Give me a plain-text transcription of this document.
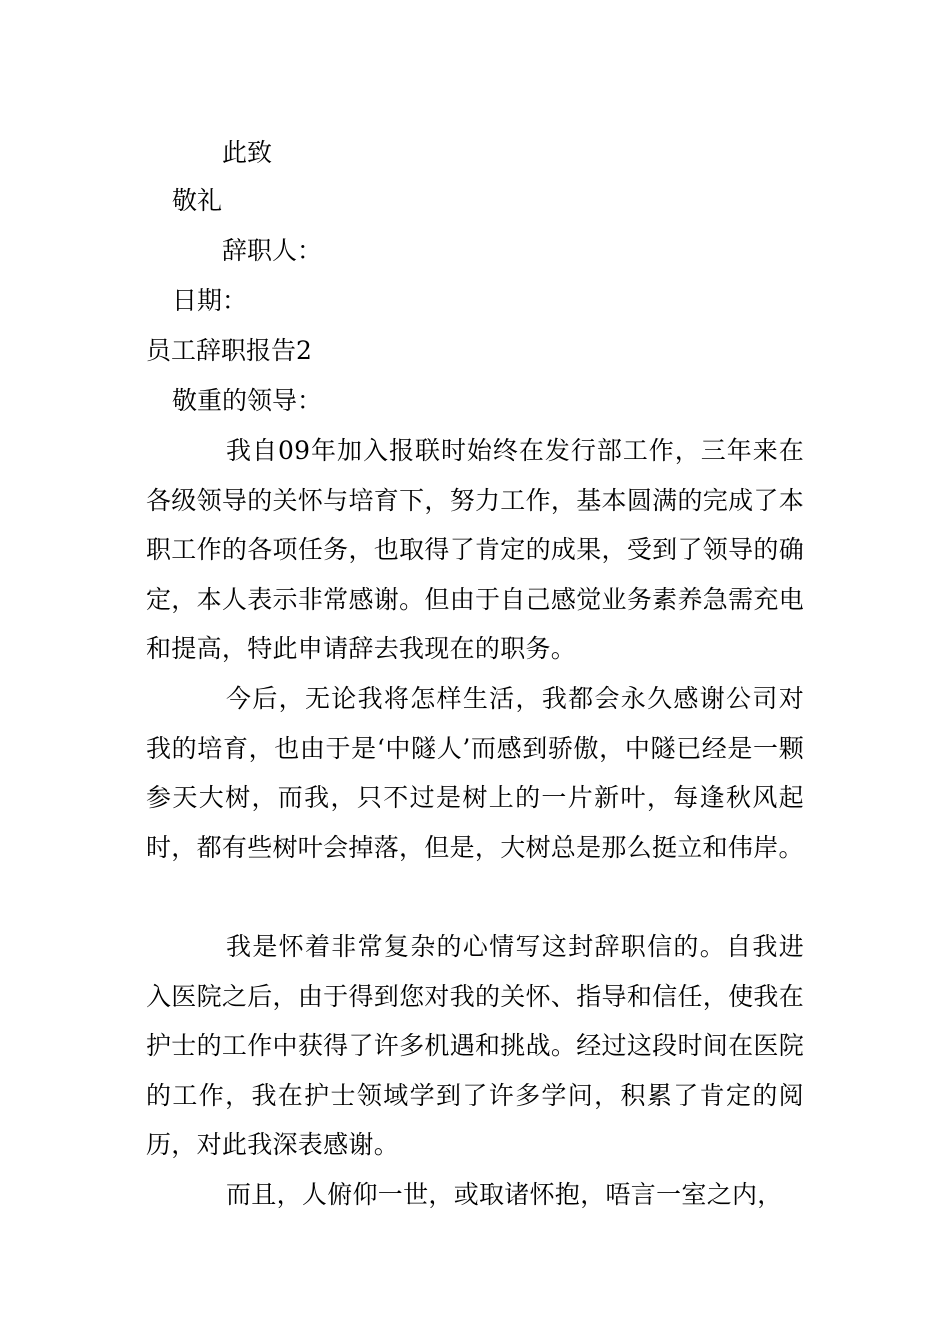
此致
敬礼
辞职人：
日期：
员工辞职报告2
敬重的领导：

我自09年加入报联时始终在发行部工作，三年来在各级领导的关怀与培育下，努力工作，基本圆满的完成了本职工作的各项任务，也取得了肯定的成果，受到了领导的确定，本人表示非常感谢。但由于自己感觉业务素养急需充电和提高，特此申请辞去我现在的职务。

今后，无论我将怎样生活，我都会永久感谢公司对我的培育，也由于是‘中隧人’而感到骄傲，中隧已经是一颗参天大树，而我，只不过是树上的一片新叶，每逢秋风起时，都有些树叶会掉落，但是，大树总是那么挺立和伟岸。

我是怀着非常复杂的心情写这封辞职信的。自我进入医院之后，由于得到您对我的关怀、指导和信任，使我在护士的工作中获得了许多机遇和挑战。经过这段时间在医院的工作，我在护士领域学到了许多学问，积累了肯定的阅历，对此我深表感谢。

而且，人俯仰一世，或取诸怀抱，唔言一室之内，
